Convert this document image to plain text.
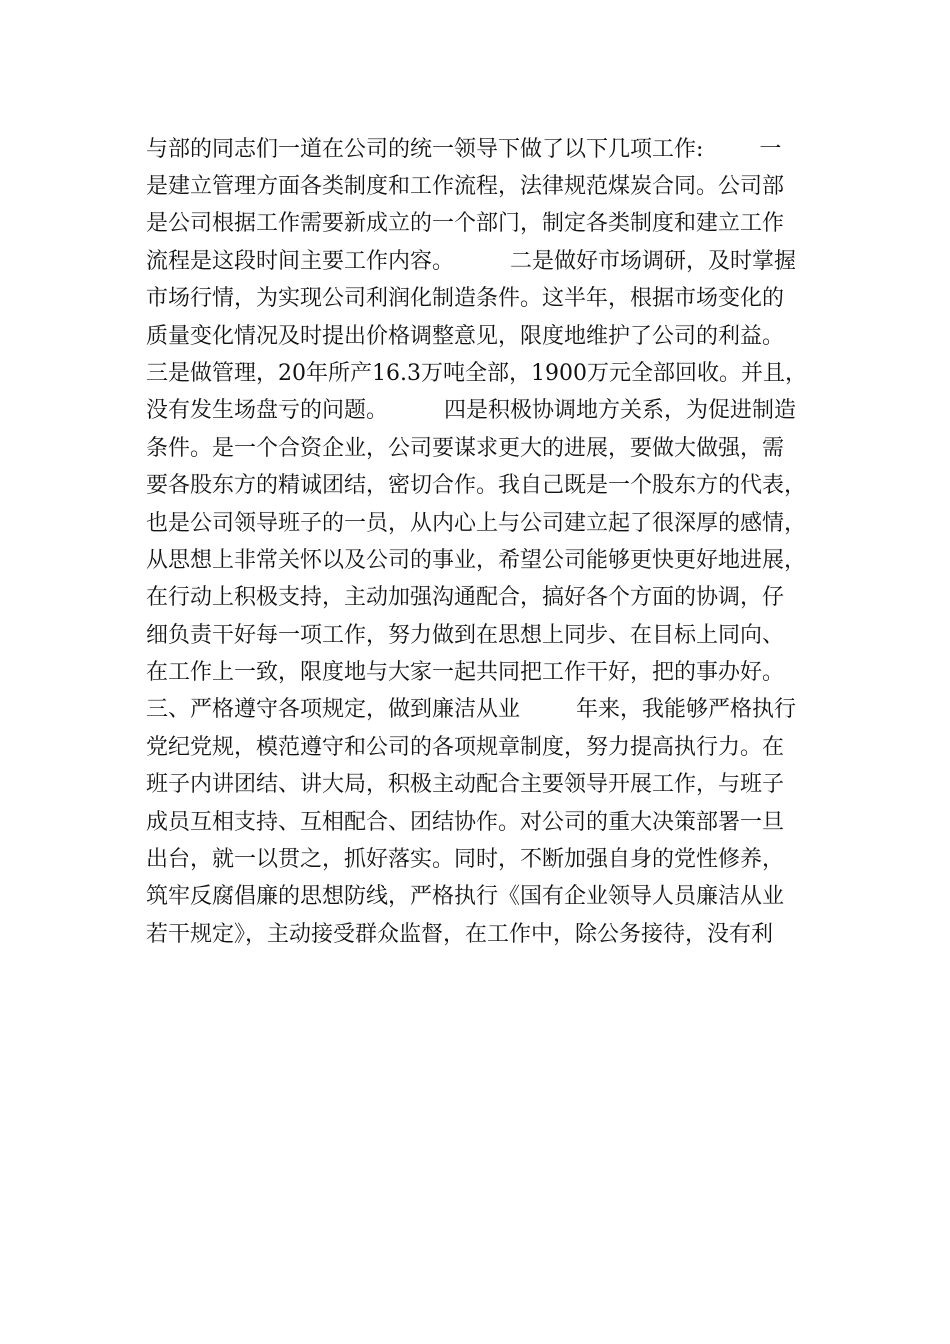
与部的同志们一道在公司的统一领导下做了以下几项工作:        一
是建立管理方面各类制度和工作流程，法律规范煤炭合同。公司部
是公司根据工作需要新成立的一个部门，制定各类制度和建立工作
流程是这段时间主要工作内容。        二是做好市场调研，及时掌握
市场行情，为实现公司利润化制造条件。这半年，根据市场变化的
质量变化情况及时提出价格调整意见，限度地维护了公司的利益。
三是做管理，20年所产16.3万吨全部，1900万元全部回收。并且，
没有发生场盘亏的问题。        四是积极协调地方关系，为促进制造
条件。是一个合资企业，公司要谋求更大的进展，要做大做强，需
要各股东方的精诚团结，密切合作。我自己既是一个股东方的代表，
也是公司领导班子的一员，从内心上与公司建立起了很深厚的感情，
从思想上非常关怀以及公司的事业，希望公司能够更快更好地进展，
在行动上积极支持，主动加强沟通配合，搞好各个方面的协调，仔
细负责干好每一项工作，努力做到在思想上同步、在目标上同向、
在工作上一致，限度地与大家一起共同把工作干好，把的事办好。
三、严格遵守各项规定，做到廉洁从业        年来，我能够严格执行
党纪党规，模范遵守和公司的各项规章制度，努力提高执行力。在
班子内讲团结、讲大局，积极主动配合主要领导开展工作，与班子
成员互相支持、互相配合、团结协作。对公司的重大决策部署一旦
出台，就一以贯之，抓好落实。同时，不断加强自身的党性修养，
筑牢反腐倡廉的思想防线，严格执行《国有企业领导人员廉洁从业
若干规定》，主动接受群众监督，在工作中，除公务接待，没有利
